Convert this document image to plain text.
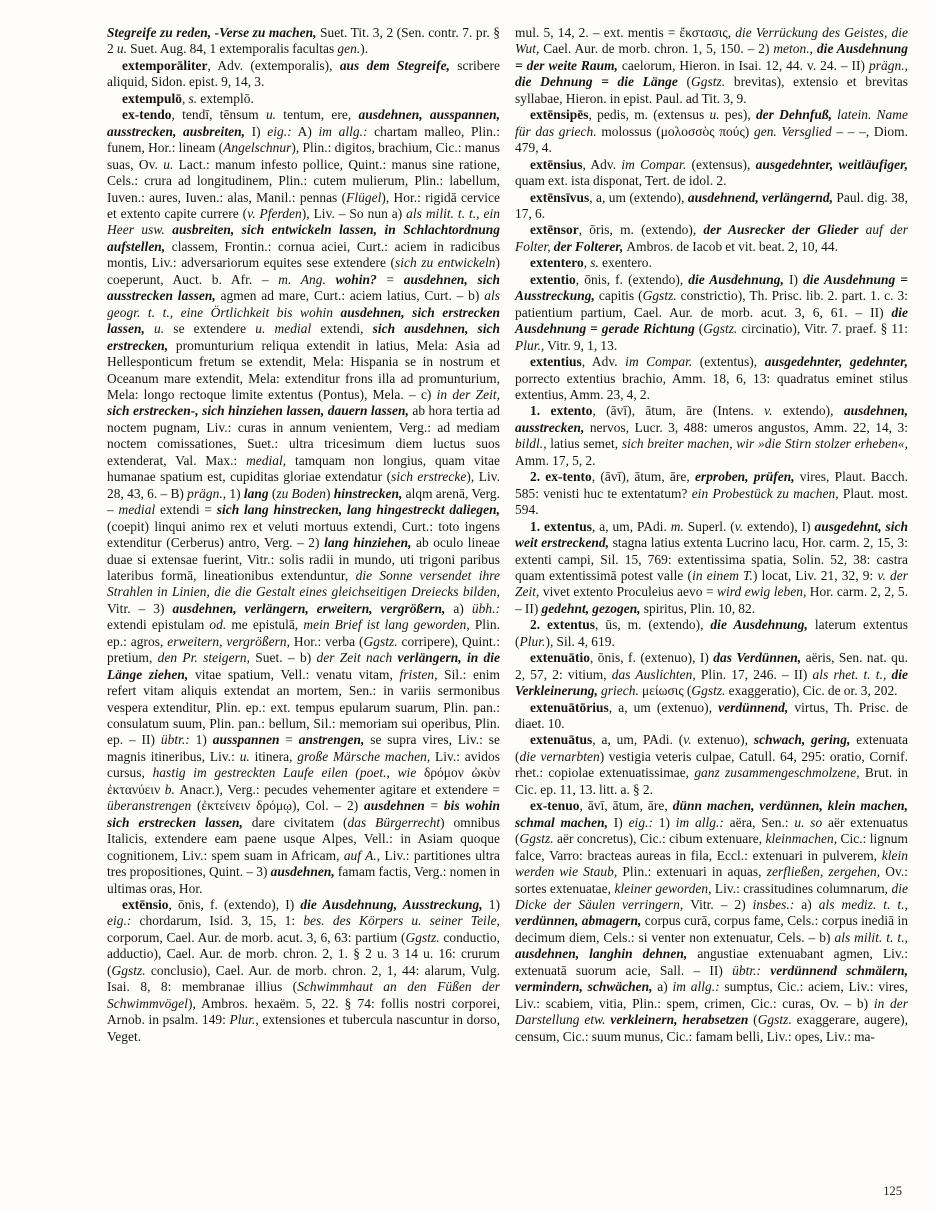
Stegreife zu reden, -Verse zu machen, Suet. Tit. 3, 2 (Sen. contr. 7. pr. § 2 u. Suet. Aug. 84, 1 extemporalis facultas gen.).

extemporāliter, Adv. (extemporalis), aus dem Stegreife, scribere aliquid, Sidon. epist. 9, 14, 3.

extempulō, s. extemplō.

ex-tendo, tendī, tēnsum u. tentum, ere, ausdehnen, ausspannen, ausstrecken, ausbreiten, I) eig.: A) im allg.: chartam malleo, Plin.: funem, Hor.: lineam (Angelschnur), Plin.: digitos, brachium, Cic.: manus suas, Ov. u. Lact.: manum infesto pollice, Quint.: manus sine ratione, Cels.: crura ad longitudinem, Plin.: cutem mulierum, Plin.: labellum, Iuven.: aures, Iuven.: alas, Manil.: pennas (Flügel), Hor.: rigidā cervice et extento capite currere (v. Pferden), Liv. – So nun a) als milit. t. t., ein Heer usw. ausbreiten, sich entwickeln lassen, in Schlachtordnung aufstellen, classem, Frontin.: cornua aciei, Curt.: aciem in radicibus montis, Liv.: adversariorum equites sese extendere (sich zu entwickeln) coeperunt, Auct. b. Afr. – m. Ang. wohin? = ausdehnen, sich ausstrecken lassen, agmen ad mare, Curt.: aciem latius, Curt. – b) als geogr. t. t., eine Örtlichkeit bis wohin ausdehnen, sich erstrecken lassen, u. se extendere u. medial extendi, sich ausdehnen, sich erstrecken, promunturium reliqua extendit in latius, Mela: Asia ad Hellesponticum fretum se extendit, Mela: Hispania se in nostrum et Oceanum mare extendit, Mela: extenditur frons illa ad promunturium, Mela: longo rectoque limite extentus (Pontus), Mela. – c) in der Zeit, sich erstrecken-, sich hinziehen lassen, dauern lassen, ab hora tertia ad noctem pugnam, Liv.: curas in annum venientem, Verg.: ad mediam noctem comissationes, Suet.: ultra tricesimum diem luctus suos extenderat, Val. Max.: medial, tamquam non longius, quam vitae humanae spatium est, cupiditas gloriae extendatur (sich erstrecke), Liv. 28, 43, 6. – B) prägn., 1) lang (zu Boden) hinstrecken, alqm arenā, Verg. – medial extendi = sich lang hinstrecken, lang hingestreckt daliegen, (coepit) linqui animo rex et veluti mortuus extendi, Curt.: toto ingens extenditur (Cerberus) antro, Verg. – 2) lang hinziehen, ab oculo lineae duae si extensae fuerint, Vitr.: solis radii in mundo, uti trigoni paribus lateribus formā, lineationibus extenduntur, die Sonne versendet ihre Strahlen in Linien, die die Gestalt eines gleichseitigen Dreiecks bilden, Vitr. – 3) ausdehnen, verlängern, erweitern, vergrößern, a) übh.: extendi epistulam od. me epistulā, mein Brief ist lang geworden, Plin. ep.: agros, erweitern, vergrößern, Hor.: verba (Ggstz. corripere), Quint.: pretium, den Pr. steigern, Suet. – b) der Zeit nach verlängern, in die Länge ziehen, vitae spatium, Vell.: venatu vitam, fristen, Sil.: enim refert vitam aliquis extendat an mortem, Sen.: in variis sermonibus vespera extenditur, Plin. ep.: ext. tempus epularum suarum, Plin. pan.: consulatum suum, Plin. pan.: bellum, Sil.: memoriam sui operibus, Plin. ep. – II) übtr.: 1) ausspannen = anstrengen, se supra vires, Liv.: se magnis itineribus, Liv.: u. itinera, große Märsche machen, Liv.: avidos cursus, hastig im gestreckten Laufe eilen (poet., wie δρόμον ὠκὺν ἐκτανύειν b. Anacr.), Verg.: pecudes vehementer agitare et extendere = überanstrengen (ἐκτείνειν δρόμῳ), Col. – 2) ausdehnen = bis wohin sich erstrecken lassen, dare civitatem (das Bürgerrecht) omnibus Italicis, extendere eam paene usque Alpes, Vell.: in Asiam quoque cognitionem, Liv.: spem suam in Africam, auf A., Liv.: partitiones ultra tres propositiones, Quint. – 3) ausdehnen, famam factis, Verg.: nomen in ultimas oras, Hor.

extēnsio, ōnis, f. (extendo), I) die Ausdehnung, Ausstreckung, 1) eig.: chordarum, Isid. 3, 15, 1: bes. des Körpers u. seiner Teile, corporum, Cael. Aur. de morb. acut. 3, 6, 63: partium (Ggstz. conductio, adductio), Cael. Aur. de morb. chron. 2, 1. § 2 u. 3 14 u. 16: crurum (Ggstz. conclusio), Cael. Aur. de morb. chron. 2, 1, 44: alarum, Vulg. Isai. 8, 8: membranae illius (Schwimmhaut an den Füßen der Schwimmvögel), Ambros. hexaëm. 5, 22. § 74: follis nostri corporei, Arnob. in psalm. 149: Plur., extensiones et tubercula nascuntur in dorso, Veget.

mul. 5, 14, 2. – ext. mentis = ἔκστασις, die Verrückung des Geistes, die Wut, Cael. Aur. de morb. chron. 1, 5, 150. – 2) meton., die Ausdehnung = der weite Raum, caelorum, Hieron. in Isai. 12, 44. v. 24. – II) prägn., die Dehnung = die Länge (Ggstz. brevitas), extensio et brevitas syllabae, Hieron. in epist. Paul. ad Tit. 3, 9.

extēnsipēs, pedis, m. (extensus u. pes), der Dehnfuß, latein. Name für das griech. molossus (μολοσσὸς πούς) gen. Versglied – – –, Diom. 479, 4.

extēnsius, Adv. im Compar. (extensus), ausgedehnter, weitläufiger, quam ext. ista disponat, Tert. de idol. 2.

extēnsīvus, a, um (extendo), ausdehnend, verlängernd, Paul. dig. 38, 17, 6.

extēnsor, ōris, m. (extendo), der Ausrecker der Glieder auf der Folter, der Folterer, Ambros. de Iacob et vit. beat. 2, 10, 44.

extentero, s. exentero.

extentio, ōnis, f. (extendo), die Ausdehnung, I) die Ausdehnung = Ausstreckung, capitis (Ggstz. constrictio), Th. Prisc. lib. 2. part. 1. c. 3: patientium partium, Cael. Aur. de morb. acut. 3, 6, 61. – II) die Ausdehnung = gerade Richtung (Ggstz. circinatio), Vitr. 7. praef. § 11: Plur., Vitr. 9, 1, 13.

extentius, Adv. im Compar. (extentus), ausgedehnter, gedehnter, porrecto extentius brachio, Amm. 18, 6, 13: quadratus eminet stilus extentius, Amm. 23, 4, 2.

1. extento, (āvī), ātum, āre (Intens. v. extendo), ausdehnen, ausstrecken, nervos, Lucr. 3, 488: umeros angustos, Amm. 22, 14, 3: bildl., latius semet, sich breiter machen, wir »die Stirn stolzer erheben«, Amm. 17, 5, 2.

2. ex-tento, (āvī), ātum, āre, erproben, prüfen, vires, Plaut. Bacch. 585: venisti huc te extentatum? ein Probestück zu machen, Plaut. most. 594.

1. extentus, a, um, PAdi. m. Superl. (v. extendo), I) ausgedehnt, sich weit erstreckend, stagna latius extenta Lucrino lacu, Hor. carm. 2, 15, 3: extenti campi, Sil. 15, 769: extentissima spatia, Solin. 52, 38: castra quam extentissimā potest valle (in einem T.) locat, Liv. 21, 32, 9: v. der Zeit, vivet extento Proculeius aevo = wird ewig leben, Hor. carm. 2, 2, 5. – II) gedehnt, gezogen, spiritus, Plin. 10, 82.

2. extentus, ūs, m. (extendo), die Ausdehnung, laterum extentus (Plur.), Sil. 4, 619.

extenuātio, ōnis, f. (extenuo), I) das Verdünnen, aëris, Sen. nat. qu. 2, 57, 2: vitium, das Auslichten, Plin. 17, 246. – II) als rhet. t. t., die Verkleinerung, griech. μείωσις (Ggstz. exaggeratio), Cic. de or. 3, 202.

extenuātōrius, a, um (extenuo), verdünnend, virtus, Th. Prisc. de diaet. 10.

extenuātus, a, um, PAdi. (v. extenuo), schwach, gering, extenuata (die vernarbten) vestigia veteris culpae, Catull. 64, 295: oratio, Cornif. rhet.: copiolae extenuatissimae, ganz zusammengeschmolzene, Brut. in Cic. ep. 11, 13. litt. a. § 2.

ex-tenuo, āvī, ātum, āre, dünn machen, verdünnen, klein machen, schmal machen, I) eig.: 1) im allg.: aëra, Sen.: u. so aër extenuatus (Ggstz. aër concretus), Cic.: cibum extenuare, kleinmachen, Cic.: lignum falce, Varro: bracteas aureas in fila, Eccl.: extenuari in pulverem, klein werden wie Staub, Plin.: extenuari in aquas, zerfließen, zergehen, Ov.: sortes extenuatae, kleiner geworden, Liv.: crassitudines columnarum, die Dicke der Säulen verringern, Vitr. – 2) insbes.: a) als mediz. t. t., verdünnen, abmagern, corpus curā, corpus fame, Cels.: corpus inediā in decimum diem, Cels.: si venter non extenuatur, Cels. – b) als milit. t. t., ausdehnen, langhin dehnen, angustiae extenuabant agmen, Liv.: extenuatā suorum acie, Sall. – II) übtr.: verdünnend schmälern, vermindern, schwächen, a) im allg.: sumptus, Cic.: aciem, Liv.: vires, Liv.: scabiem, vitia, Plin.: spem, crimen, Cic.: curas, Ov. – b) in der Darstellung etw. verkleinern, herabsetzen (Ggstz. exaggerare, augere), censum, Cic.: suum munus, Cic.: famam belli, Liv.: opes, Liv.: ma-

125
